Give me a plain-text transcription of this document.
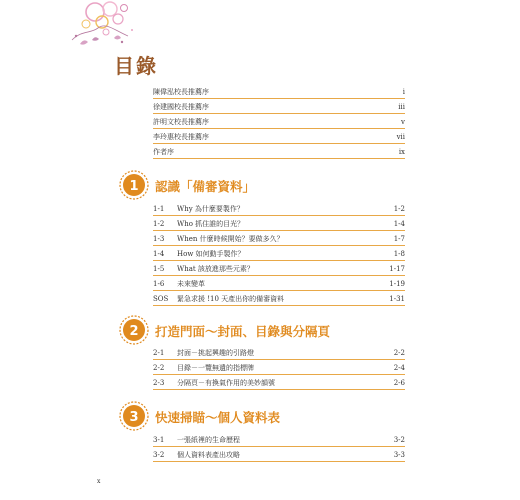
目錄
陳偉泓校長推薦序	i
徐建國校長推薦序	iii
許明文校長推薦序	v
李玲惠校長推薦序	vii
作者序	ix
1 認識「備審資料」
1-1	Why 為什麼要製作？	1-2
1-2	Who 抓住誰的目光？	1-4
1-3	When 什麼時候開始？要做多久？	1-7
1-4	How 如何動手製作？	1-8
1-5	What 該放進那些元素？	1-17
1-6	未來變革	1-19
SOS	緊急求援 !10 天產出你的備審資料	1-31
2 打造門面～封面、目錄與分隔頁
2-1	封面－挑起興趣的引路燈	2-2
2-2	目錄－一覽無遺的指標牌	2-4
2-3	分隔頁－有換氣作用的美妙韻號	2-6
3 快速掃瞄～個人資料表
3-1	一張紙裡的生命歷程	3-2
3-2	個人資料表產出攻略	3-3
x
